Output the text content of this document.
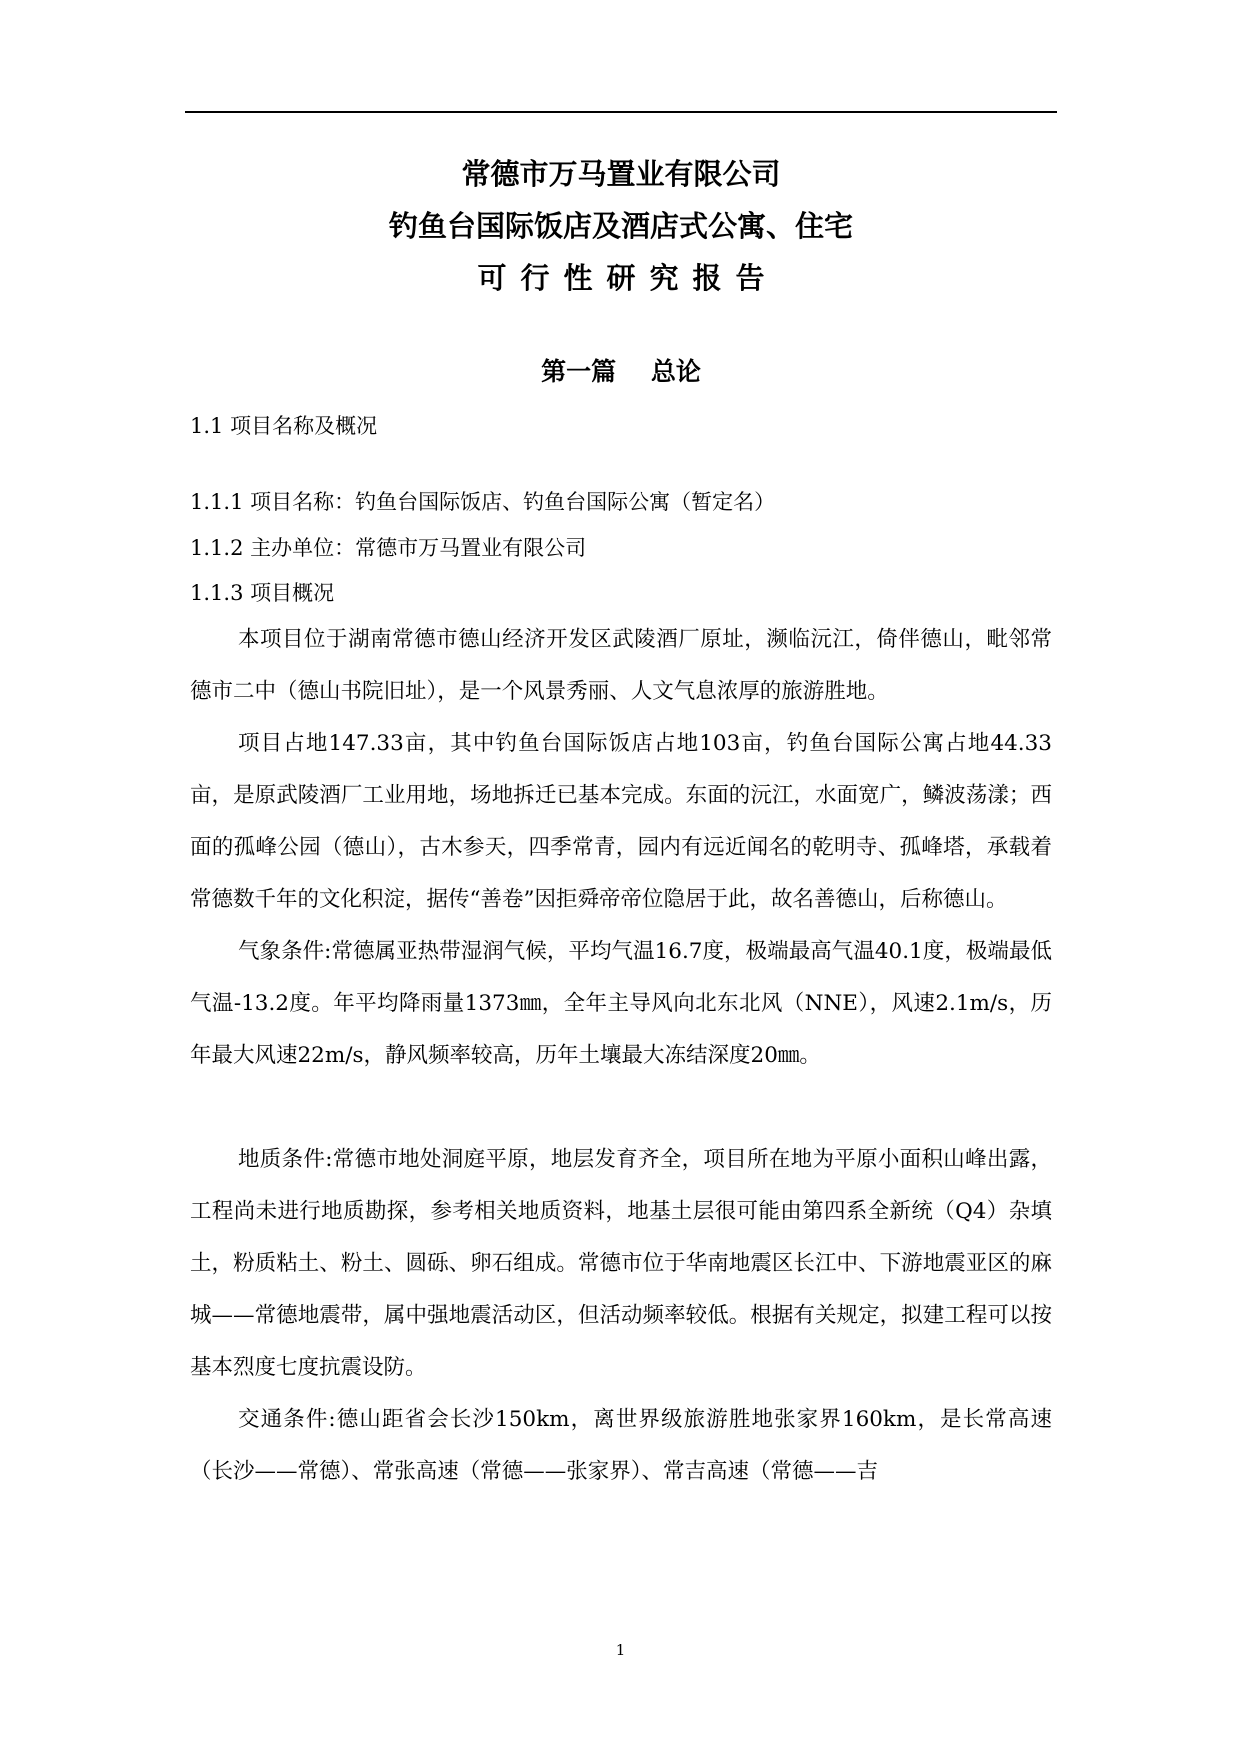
常德市万马置业有限公司
钓鱼台国际饭店及酒店式公寓、住宅
可行性研究报告
第一篇    总论
1.1 项目名称及概况
1.1.1 项目名称：钓鱼台国际饭店、钓鱼台国际公寓（暂定名）
1.1.2 主办单位：常德市万马置业有限公司
1.1.3 项目概况
本项目位于湖南常德市德山经济开发区武陵酒厂原址，濒临沅江，倚伴德山，毗邻常德市二中（德山书院旧址），是一个风景秀丽、人文气息浓厚的旅游胜地。
项目占地147.33亩，其中钓鱼台国际饭店占地103亩，钓鱼台国际公寓占地44.33亩，是原武陵酒厂工业用地，场地拆迁已基本完成。东面的沅江，水面宽广，鳞波荡漾；西面的孤峰公园（德山），古木参天，四季常青，园内有远近闻名的乾明寺、孤峰塔，承载着常德数千年的文化积淀，据传“善卷”因拒舜帝帝位隐居于此，故名善德山，后称德山。
气象条件:常德属亚热带湿润气候，平均气温16.7度，极端最高气温40.1度，极端最低气温-13.2度。年平均降雨量1373㎜，全年主导风向北东北风（NNE），风速2.1m/s，历年最大风速22m/s，静风频率较高，历年土壤最大冻结深度20㎜。
地质条件:常德市地处洞庭平原，地层发育齐全，项目所在地为平原小面积山峰出露，工程尚未进行地质勘探，参考相关地质资料，地基土层很可能由第四系全新统（Q4）杂填土，粉质粘土、粉土、圆砾、卵石组成。常德市位于华南地震区长江中、下游地震亚区的麻城——常德地震带，属中强地震活动区，但活动频率较低。根据有关规定，拟建工程可以按基本烈度七度抗震设防。
交通条件:德山距省会长沙150km，离世界级旅游胜地张家界160km，是长常高速（长沙——常德）、常张高速（常德——张家界）、常吉高速（常德——吉
1
